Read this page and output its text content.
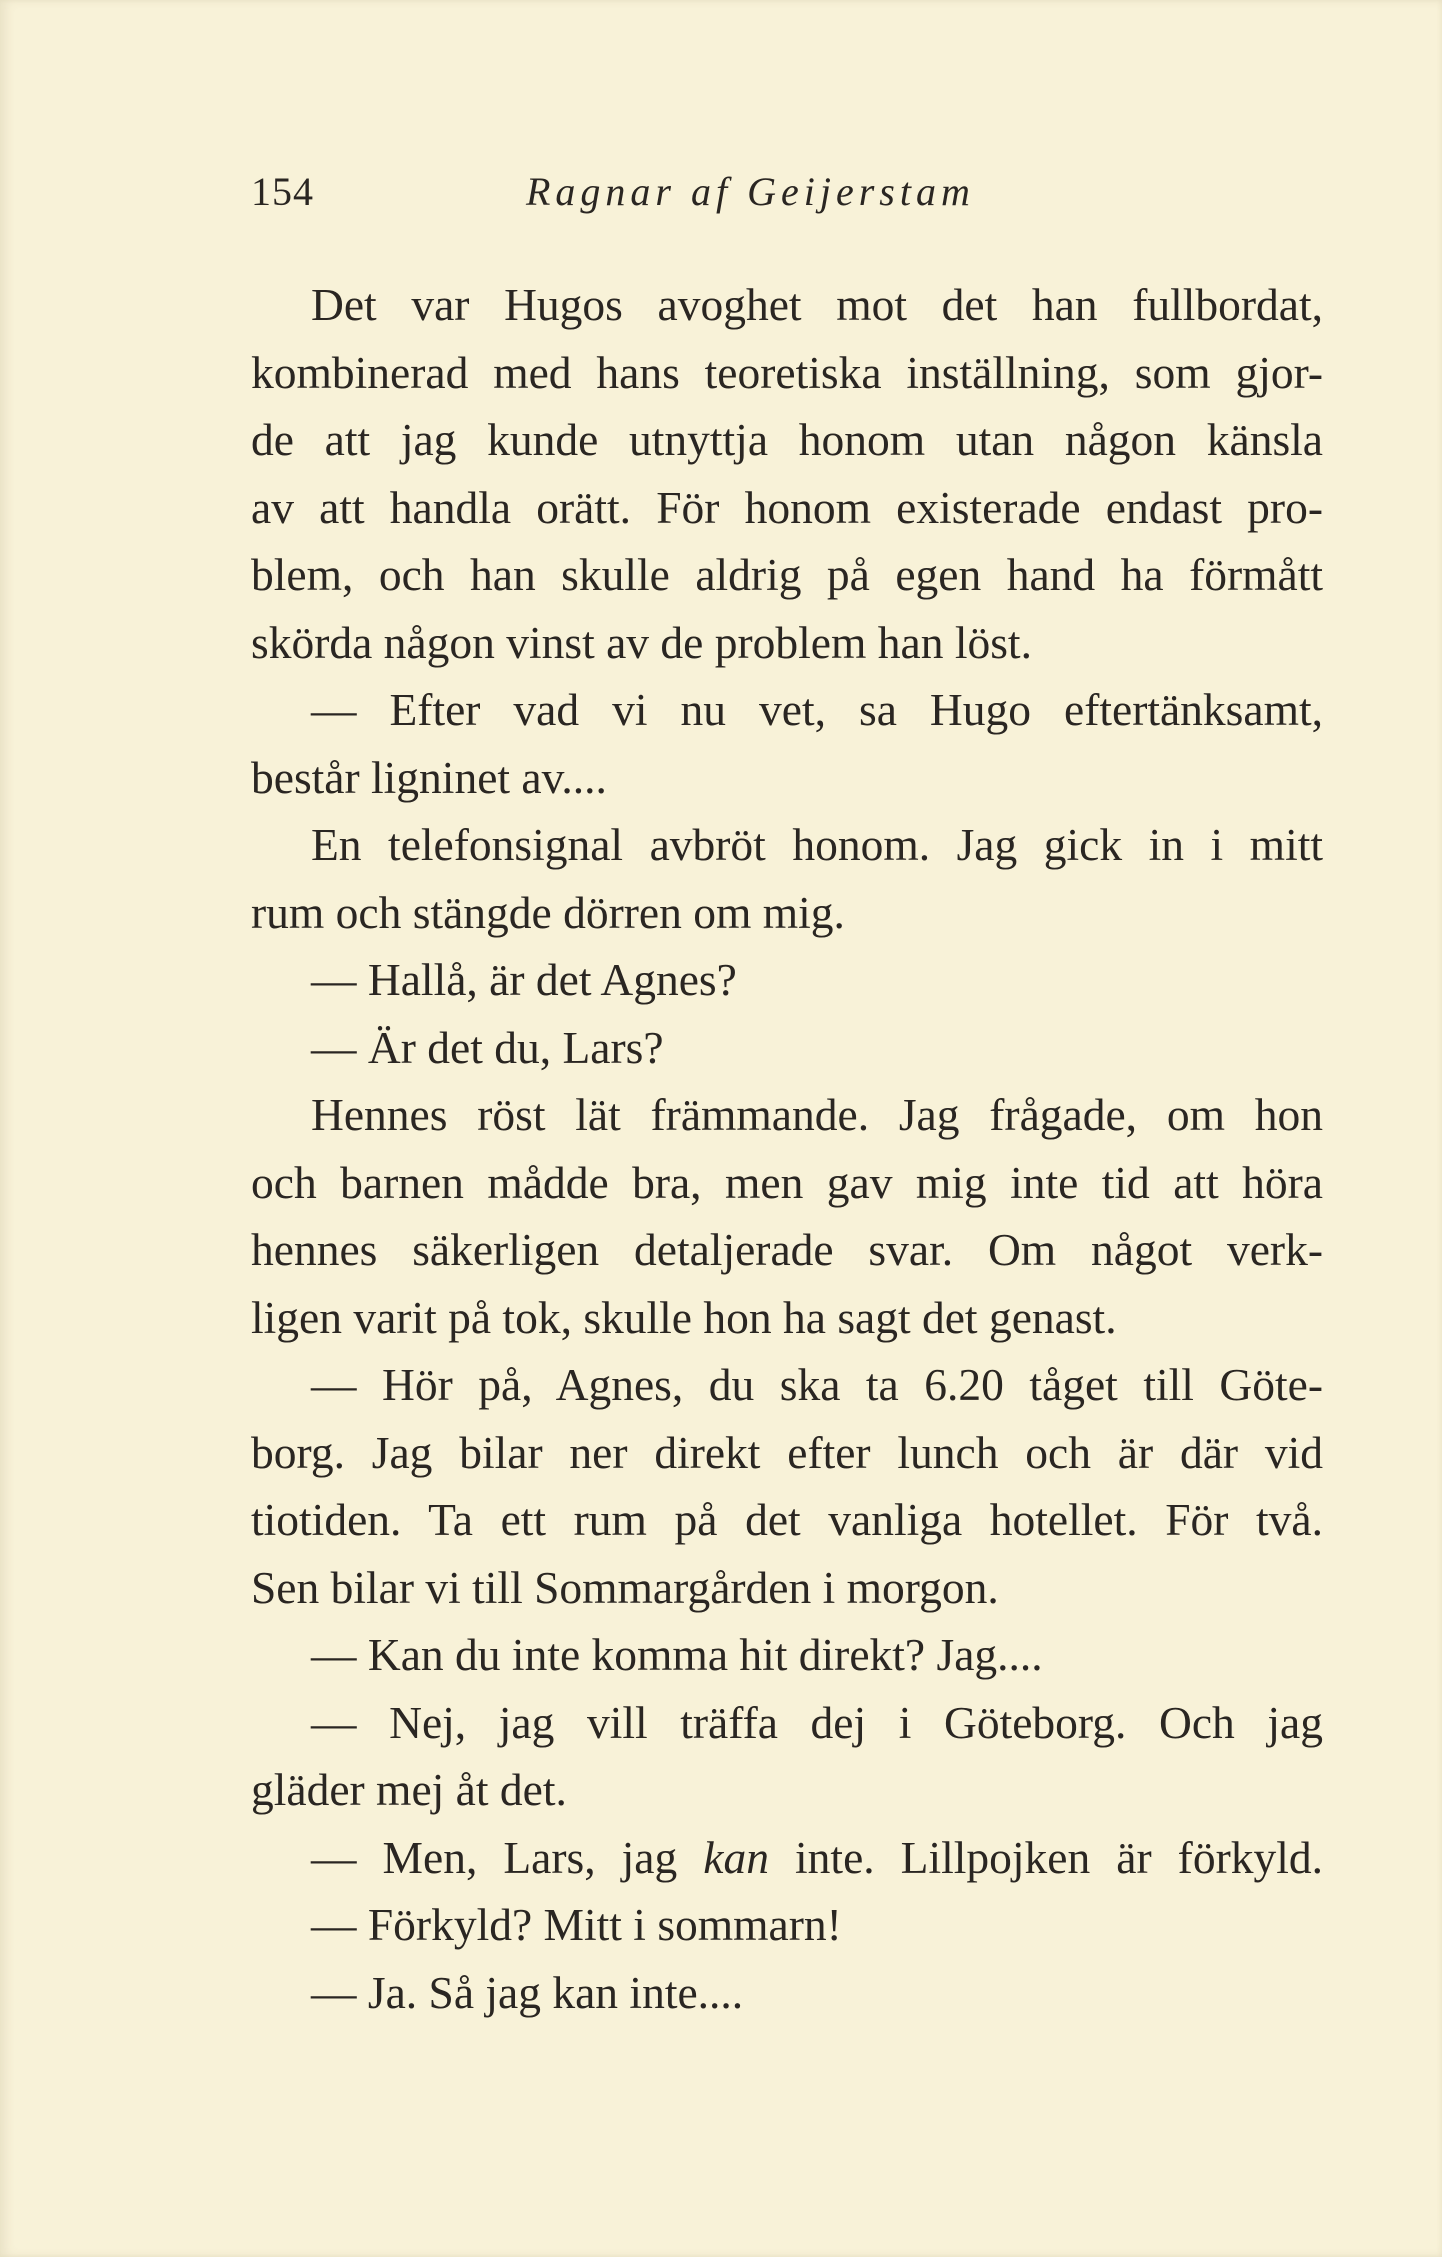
154	Ragnar af Geijerstam
Det var Hugos avoghet mot det han fullbordat,
kombinerad med hans teoretiska inställning, som gjor-
de att jag kunde utnyttja honom utan någon känsla
av att handla orätt. För honom existerade endast pro-
blem, och han skulle aldrig på egen hand ha förmått
skörda någon vinst av de problem han löst.
— Efter vad vi nu vet, sa Hugo eftertänksamt,
består ligninet av....
En telefonsignal avbröt honom. Jag gick in i mitt
rum och stängde dörren om mig.
— Hallå, är det Agnes?
— Är det du, Lars?
Hennes röst lät främmande. Jag frågade, om hon
och barnen mådde bra, men gav mig inte tid att höra
hennes säkerligen detaljerade svar. Om något verk-
ligen varit på tok, skulle hon ha sagt det genast.
— Hör på, Agnes, du ska ta 6.20 tåget till Göte-
borg. Jag bilar ner direkt efter lunch och är där vid
tiotiden. Ta ett rum på det vanliga hotellet. För två.
Sen bilar vi till Sommargården i morgon.
— Kan du inte komma hit direkt? Jag....
— Nej, jag vill träffa dej i Göteborg. Och jag
gläder mej åt det.
— Men, Lars, jag kan inte. Lillpojken är förkyld.
— Förkyld? Mitt i sommarn!
— Ja. Så jag kan inte....
